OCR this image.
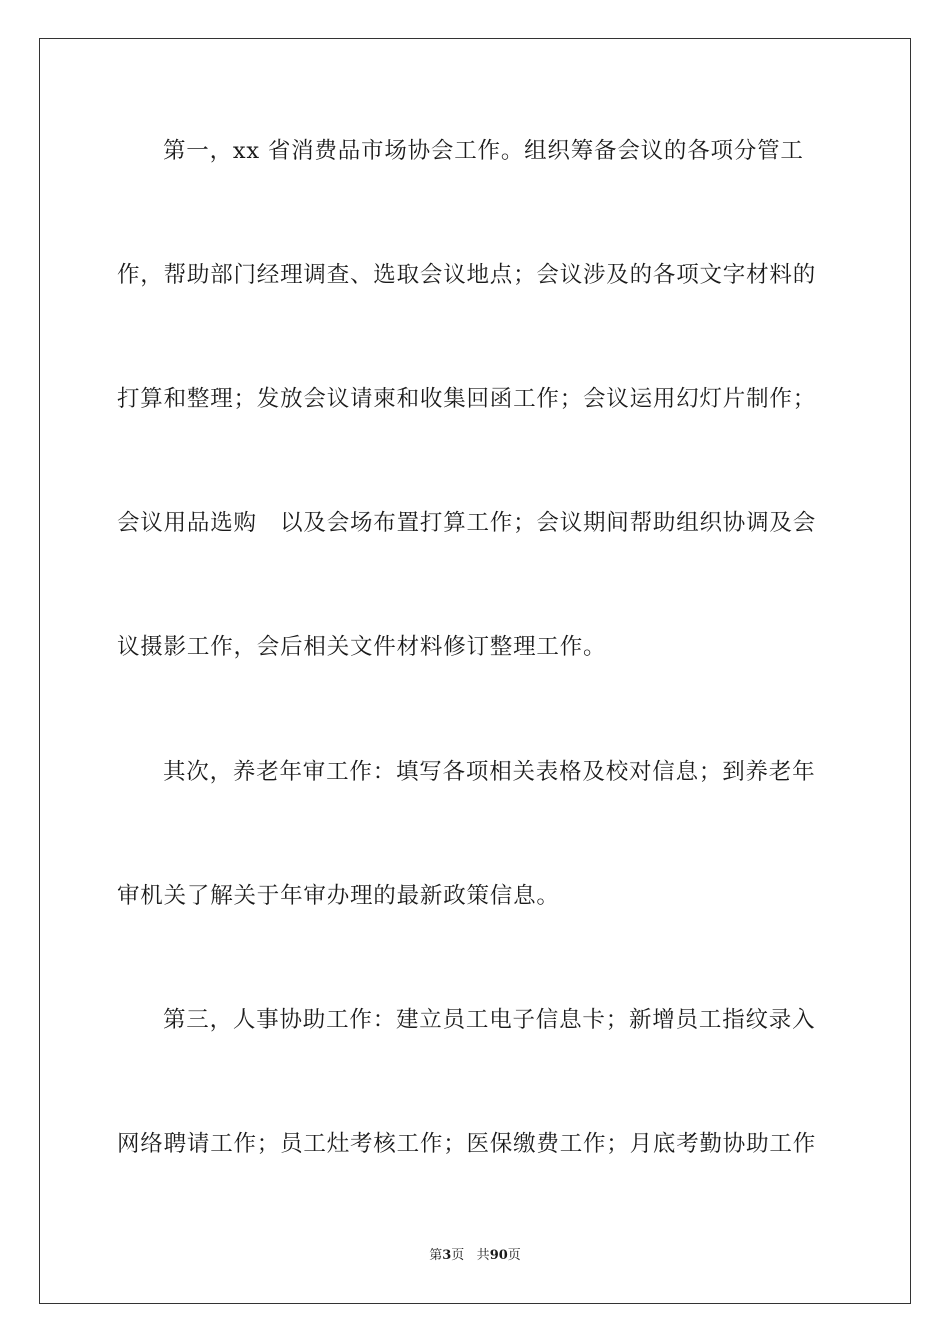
第一，xx 省消费品市场协会工作。组织筹备会议的各项分管工
作，帮助部门经理调查、选取会议地点；会议涉及的各项文字材料的
打算和整理；发放会议请柬和收集回函工作；会议运用幻灯片制作；
会议用品选购　以及会场布置打算工作；会议期间帮助组织协调及会
议摄影工作，会后相关文件材料修订整理工作。
其次，养老年审工作：填写各项相关表格及校对信息；到养老年
审机关了解关于年审办理的最新政策信息。
第三，人事协助工作：建立员工电子信息卡；新增员工指纹录入
网络聘请工作；员工灶考核工作；医保缴费工作；月底考勤协助工作
第3页 共90页
